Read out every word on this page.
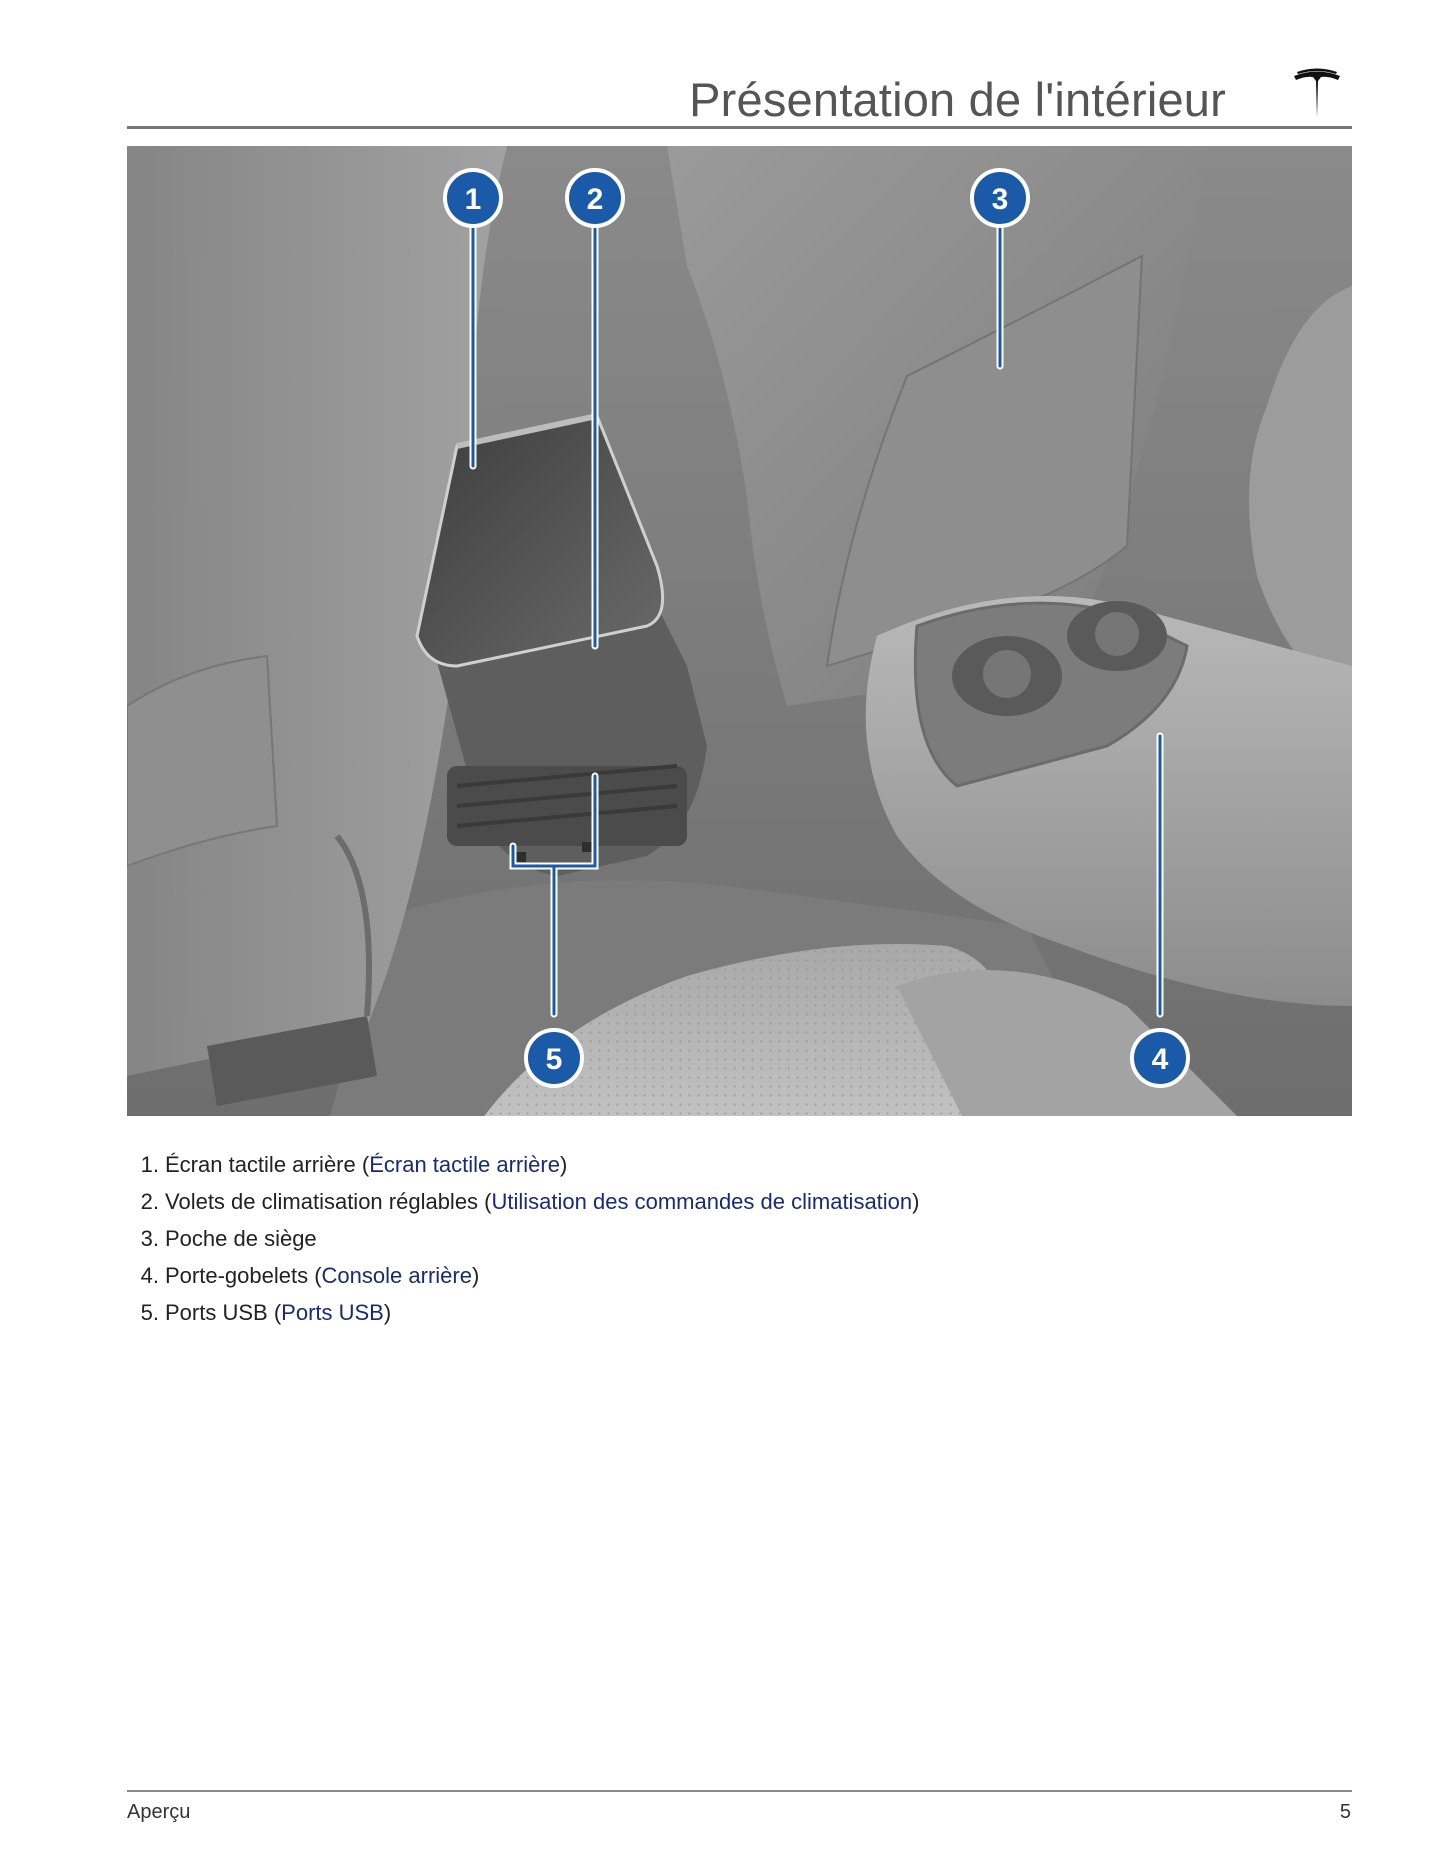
Présentation de l'intérieur
1	2	3
4
5
1. Écran tactile arrière (Écran tactile arrière)
2. Volets de climatisation réglables (Utilisation des commandes de climatisation)
3. Poche de siège
4. Porte-gobelets (Console arrière)
5. Ports USB (Ports USB)
Aperçu	5
